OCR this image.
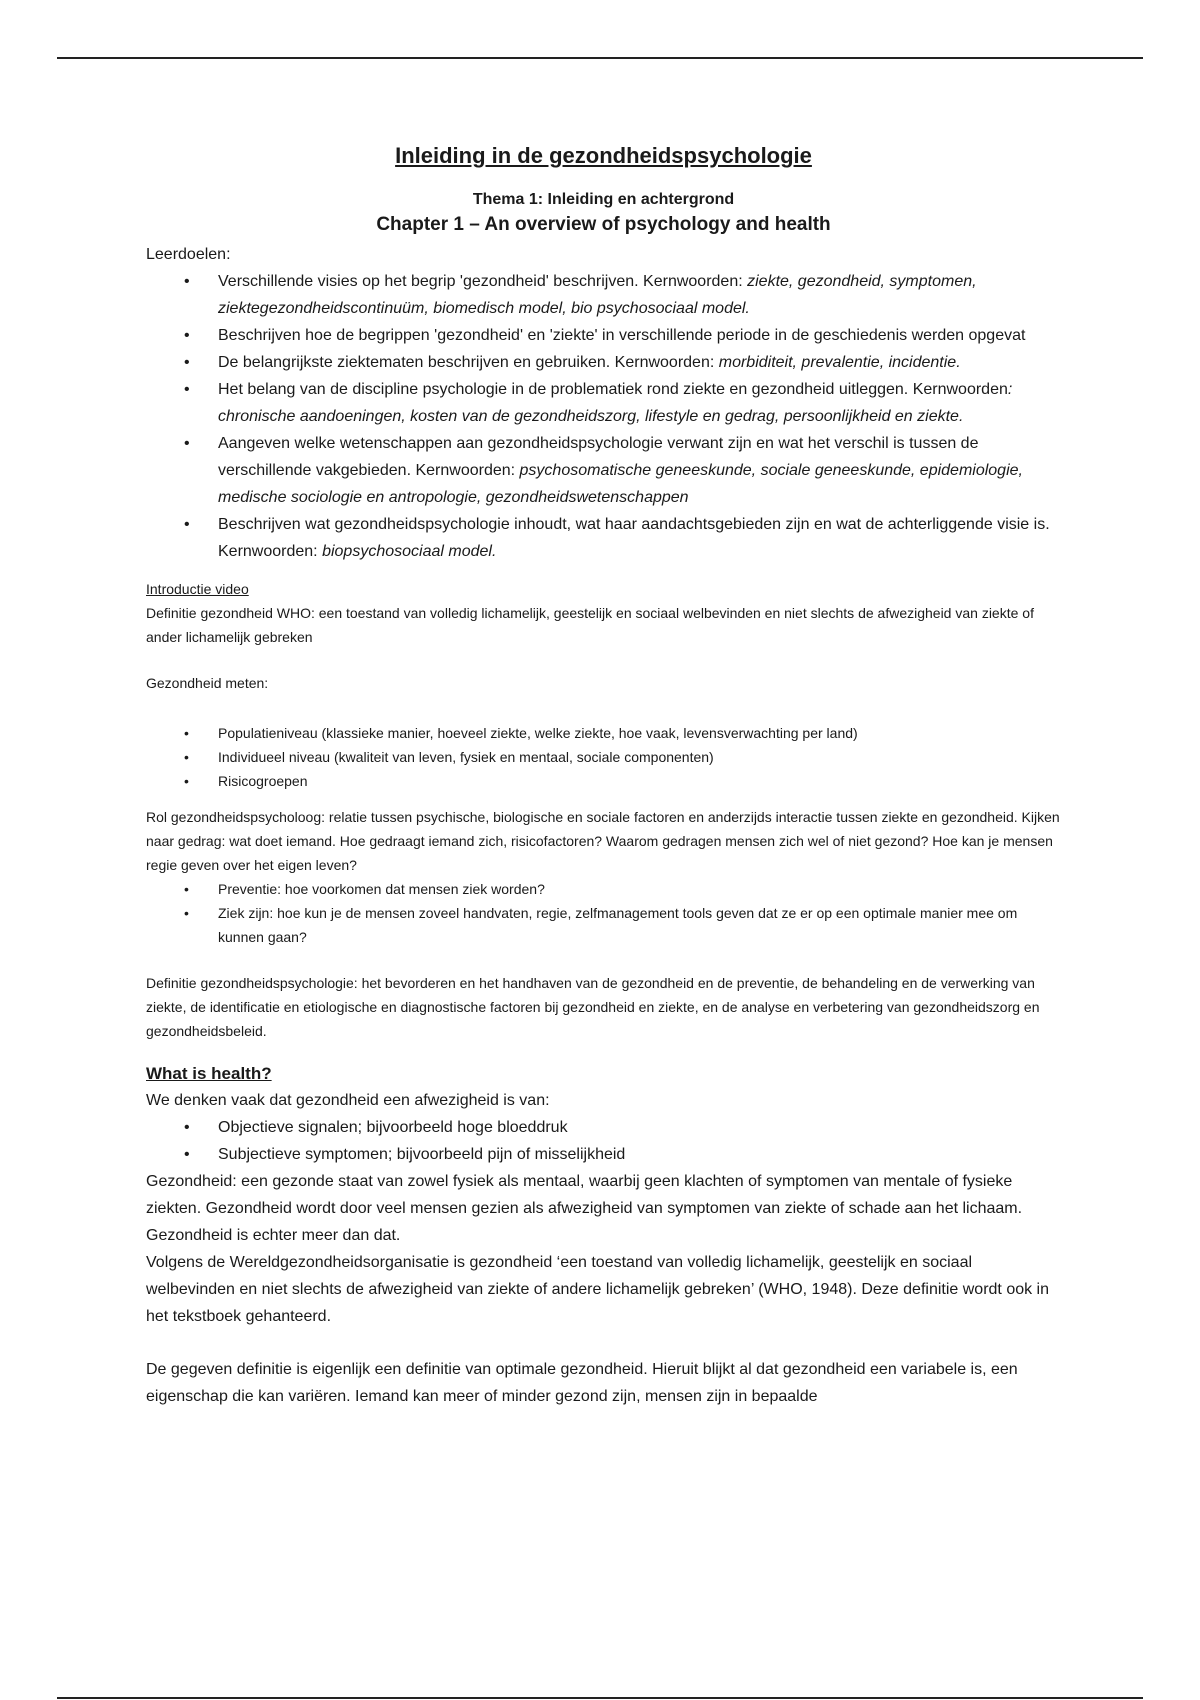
Inleiding in de gezondheidspsychologie
Thema 1: Inleiding en achtergrond
Chapter 1 – An overview of psychology and health

Leerdoelen:

• Verschillende visies op het begrip 'gezondheid' beschrijven. Kernwoorden: ziekte, gezondheid, symptomen, ziektegezondheidscontinuüm, biomedisch model, bio psychosociaal model.
• Beschrijven hoe de begrippen 'gezondheid' en 'ziekte' in verschillende periode in de geschiedenis werden opgevat
• De belangrijkste ziektematen beschrijven en gebruiken. Kernwoorden: morbiditeit, prevalentie, incidentie.
• Het belang van de discipline psychologie in de problematiek rond ziekte en gezondheid uitleggen. Kernwoorden: chronische aandoeningen, kosten van de gezondheidszorg, lifestyle en gedrag, persoonlijkheid en ziekte.
• Aangeven welke wetenschappen aan gezondheidspsychologie verwant zijn en wat het verschil is tussen de verschillende vakgebieden. Kernwoorden: psychosomatische geneeskunde, sociale geneeskunde, epidemiologie, medische sociologie en antropologie, gezondheidswetenschappen
• Beschrijven wat gezondheidspsychologie inhoudt, wat haar aandachtsgebieden zijn en wat de achterliggende visie is. Kernwoorden: biopsychosociaal model.

Introductie video

Definitie gezondheid WHO: een toestand van volledig lichamelijk, geestelijk en sociaal welbevinden en niet slechts de afwezigheid van ziekte of ander lichamelijk gebreken

Gezondheid meten:

• Populatieniveau (klassieke manier, hoeveel ziekte, welke ziekte, hoe vaak, levensverwachting per land)
• Individueel niveau (kwaliteit van leven, fysiek en mentaal, sociale componenten)
• Risicogroepen

Rol gezondheidspsycholoog: relatie tussen psychische, biologische en sociale factoren en anderzijds interactie tussen ziekte en gezondheid. Kijken naar gedrag: wat doet iemand. Hoe gedraagt iemand zich, risicofactoren? Waarom gedragen mensen zich wel of niet gezond? Hoe kan je mensen regie geven over het eigen leven?

• Preventie: hoe voorkomen dat mensen ziek worden?
• Ziek zijn: hoe kun je de mensen zoveel handvaten, regie, zelfmanagement tools geven dat ze er op een optimale manier mee om kunnen gaan?

Definitie gezondheidspsychologie: het bevorderen en het handhaven van de gezondheid en de preventie, de behandeling en de verwerking van ziekte, de identificatie en etiologische en diagnostische factoren bij gezondheid en ziekte, en de analyse en verbetering van gezondheidszorg en gezondheidsbeleid.

What is health?

We denken vaak dat gezondheid een afwezigheid is van:

• Objectieve signalen; bijvoorbeeld hoge bloeddruk
• Subjectieve symptomen; bijvoorbeeld pijn of misselijkheid

Gezondheid: een gezonde staat van zowel fysiek als mentaal, waarbij geen klachten of symptomen van mentale of fysieke ziekten. Gezondheid wordt door veel mensen gezien als afwezigheid van symptomen van ziekte of schade aan het lichaam. Gezondheid is echter meer dan dat.

Volgens de Wereldgezondheidsorganisatie is gezondheid ‘een toestand van volledig lichamelijk, geestelijk en sociaal welbevinden en niet slechts de afwezigheid van ziekte of andere lichamelijk gebreken’ (WHO, 1948). Deze definitie wordt ook in het tekstboek gehanteerd.

De gegeven definitie is eigenlijk een definitie van optimale gezondheid. Hieruit blijkt al dat gezondheid een variabele is, een eigenschap die kan variëren. Iemand kan meer of minder gezond zijn, mensen zijn in bepaalde
